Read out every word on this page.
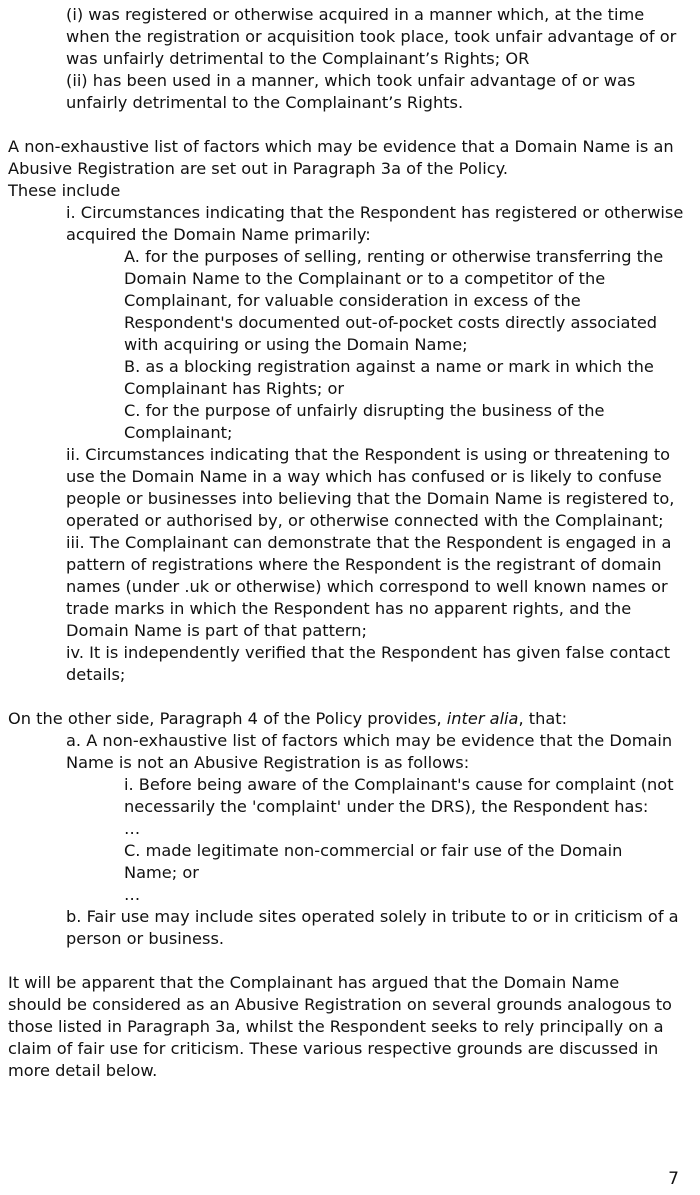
(i) was registered or otherwise acquired in a manner which, at the time

when the registration or acquisition took place, took unfair advantage of or

was unfairly detrimental to the Complainant’s Rights; OR

(ii) has been used in a manner, which took unfair advantage of or was

unfairly detrimental to the Complainant’s Rights.

A non-exhaustive list of factors which may be evidence that a Domain Name is an

Abusive Registration are set out in Paragraph 3a of the Policy.

These include

i. Circumstances indicating that the Respondent has registered or otherwise

acquired the Domain Name primarily:

A. for the purposes of selling, renting or otherwise transferring the

Domain Name to the Complainant or to a competitor of the

Complainant, for valuable consideration in excess of the

Respondent's documented out-of-pocket costs directly associated

with acquiring or using the Domain Name;

B. as a blocking registration against a name or mark in which the

Complainant has Rights; or

C. for the purpose of unfairly disrupting the business of the

Complainant;

ii. Circumstances indicating that the Respondent is using or threatening to

use the Domain Name in a way which has confused or is likely to confuse

people or businesses into believing that the Domain Name is registered to,

operated or authorised by, or otherwise connected with the Complainant;

iii. The Complainant can demonstrate that the Respondent is engaged in a

pattern of registrations where the Respondent is the registrant of domain

names (under .uk or otherwise) which correspond to well known names or

trade marks in which the Respondent has no apparent rights, and the

Domain Name is part of that pattern;

iv. It is independently verified that the Respondent has given false contact

details;

On the other side, Paragraph 4 of the Policy provides, inter alia, that:

a. A non-exhaustive list of factors which may be evidence that the Domain

Name is not an Abusive Registration is as follows:

i. Before being aware of the Complainant's cause for complaint (not

necessarily the 'complaint' under the DRS), the Respondent has:

…

C. made legitimate non-commercial or fair use of the Domain

Name; or

…

b. Fair use may include sites operated solely in tribute to or in criticism of a

person or business.

It will be apparent that the Complainant has argued that the Domain Name

should be considered as an Abusive Registration on several grounds analogous to

those listed in Paragraph 3a, whilst the Respondent seeks to rely principally on a

claim of fair use for criticism. These various respective grounds are discussed in

more detail below.

7
